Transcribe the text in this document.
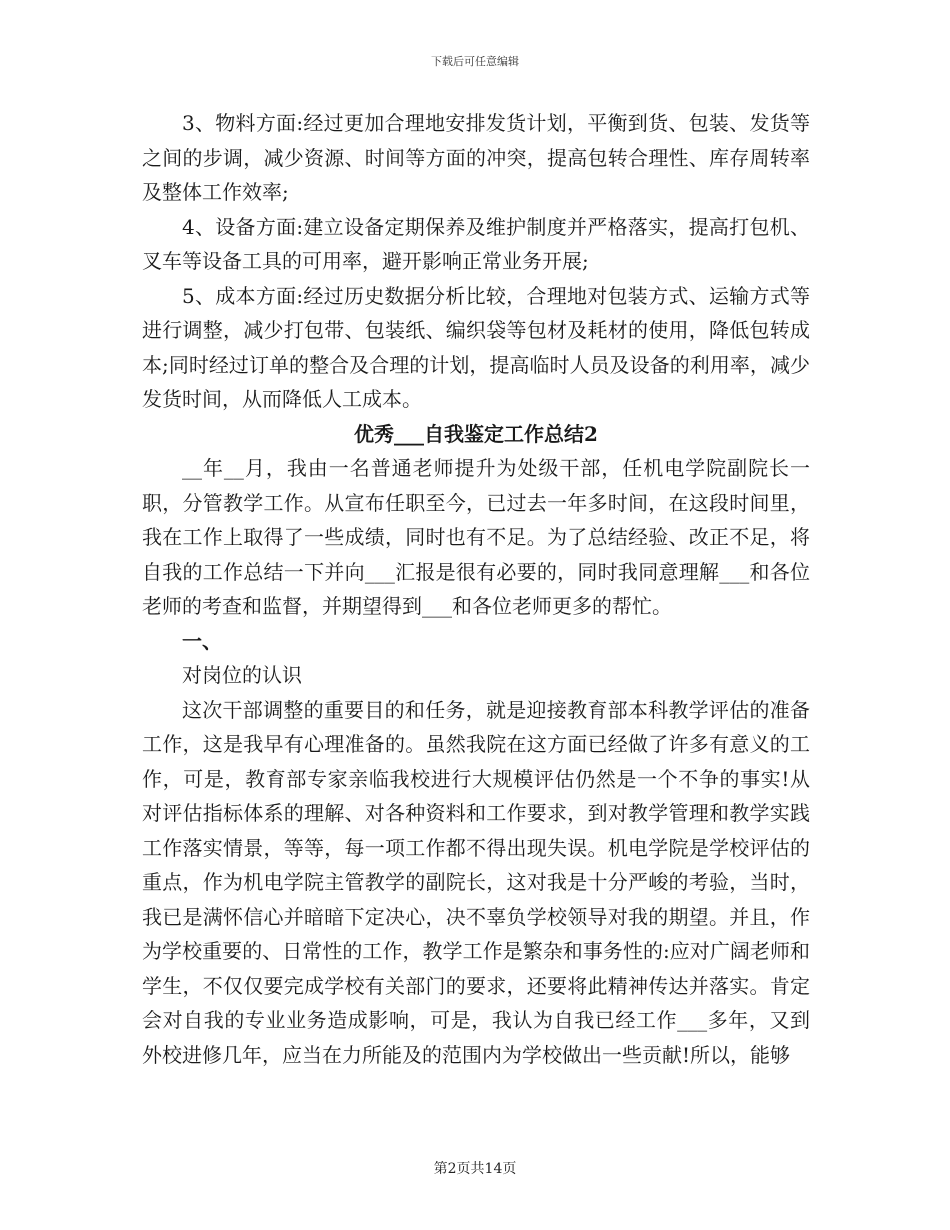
下载后可任意编辑

3、物料方面:经过更加合理地安排发货计划，平衡到货、包装、发货等之间的步调，减少资源、时间等方面的冲突，提高包转合理性、库存周转率及整体工作效率;

4、设备方面:建立设备定期保养及维护制度并严格落实，提高打包机、叉车等设备工具的可用率，避开影响正常业务开展;

5、成本方面:经过历史数据分析比较，合理地对包装方式、运输方式等进行调整，减少打包带、包装纸、编织袋等包材及耗材的使用，降低包转成本;同时经过订单的整合及合理的计划，提高临时人员及设备的利用率，减少发货时间，从而降低人工成本。

优秀___自我鉴定工作总结2

__年__月，我由一名普通老师提升为处级干部，任机电学院副院长一职，分管教学工作。从宣布任职至今，已过去一年多时间，在这段时间里，我在工作上取得了一些成绩，同时也有不足。为了总结经验、改正不足，将自我的工作总结一下并向___汇报是很有必要的，同时我同意理解___和各位老师的考查和监督，并期望得到___和各位老师更多的帮忙。

一、

对岗位的认识

这次干部调整的重要目的和任务，就是迎接教育部本科教学评估的准备工作，这是我早有心理准备的。虽然我院在这方面已经做了许多有意义的工作，可是，教育部专家亲临我校进行大规模评估仍然是一个不争的事实!从对评估指标体系的理解、对各种资料和工作要求，到对教学管理和教学实践工作落实情景，等等，每一项工作都不得出现失误。机电学院是学校评估的重点，作为机电学院主管教学的副院长，这对我是十分严峻的考验，当时，我已是满怀信心并暗暗下定决心，决不辜负学校领导对我的期望。并且，作为学校重要的、日常性的工作，教学工作是繁杂和事务性的:应对广阔老师和学生，不仅仅要完成学校有关部门的要求，还要将此精神传达并落实。肯定会对自我的专业业务造成影响，可是，我认为自我已经工作___多年，又到外校进修几年，应当在力所能及的范围内为学校做出一些贡献!所以，能够

第2页共14页
